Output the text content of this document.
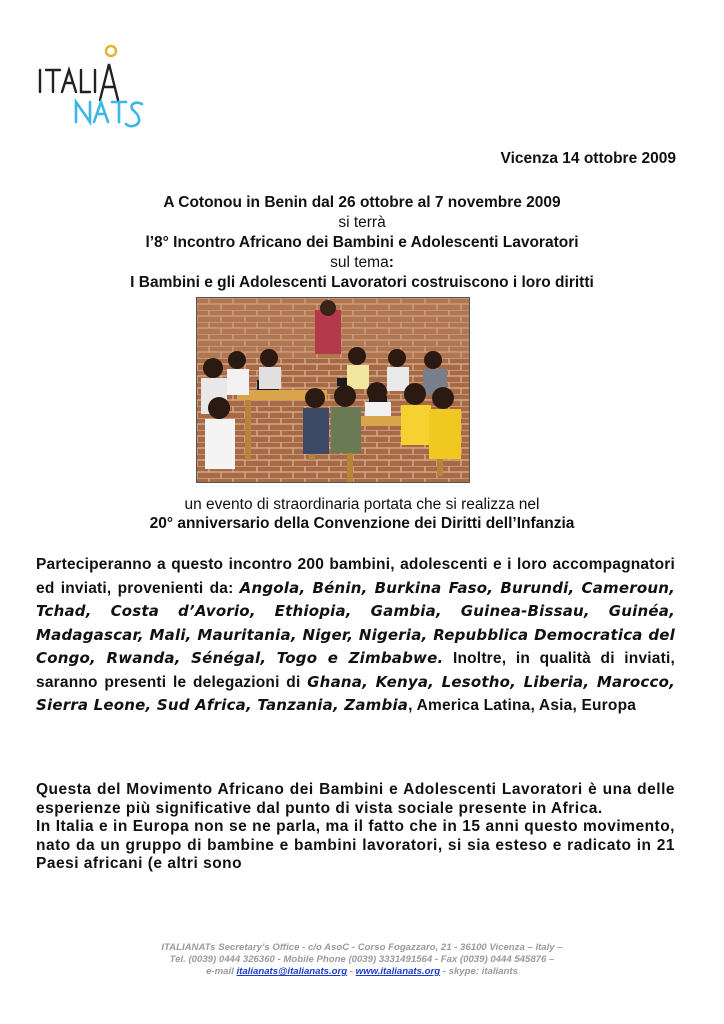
Vicenza 14 ottobre 2009
A Cotonou in Benin dal 26 ottobre al 7 novembre 2009
si terrà
l’8° Incontro Africano dei Bambini e Adolescenti Lavoratori
sul tema:
I Bambini e gli Adolescenti Lavoratori costruiscono i loro diritti
un evento di straordinaria portata che si realizza nel
20° anniversario della Convenzione dei Diritti dell’Infanzia
Parteciperanno a questo incontro 200 bambini, adolescenti e i loro accompagnatori ed inviati, provenienti da: Angola, Bénin, Burkina Faso, Burundi, Cameroun, Tchad, Costa d’Avorio, Ethiopia, Gambia, Guinea-Bissau, Guinéa, Madagascar, Mali, Mauritania, Niger, Nigeria, Repubblica Democratica del Congo, Rwanda, Sénégal, Togo e Zimbabwe. Inoltre, in qualità di inviati, saranno presenti le delegazioni di Ghana, Kenya, Lesotho, Liberia, Marocco, Sierra Leone, Sud Africa, Tanzania, Zambia, America Latina, Asia, Europa
Questa del Movimento Africano dei Bambini e Adolescenti Lavoratori è una delle esperienze più significative dal punto di vista sociale presente in Africa.
In Italia e in Europa non se ne parla, ma il fatto che in 15 anni questo movimento, nato da un gruppo di bambine e bambini lavoratori, si sia esteso e radicato in 21 Paesi africani (e altri sono
ITALIANATs Secretary’s Office - c/o AsoC - Corso Fogazzaro, 21 - 36100 Vicenza – Italy –
Tel. (0039) 0444 326360 - Mobile Phone (0039) 3331491564 - Fax (0039) 0444 545876 –
e-mail italianats@italianats.org - www.italianats.org - skype: italiants
